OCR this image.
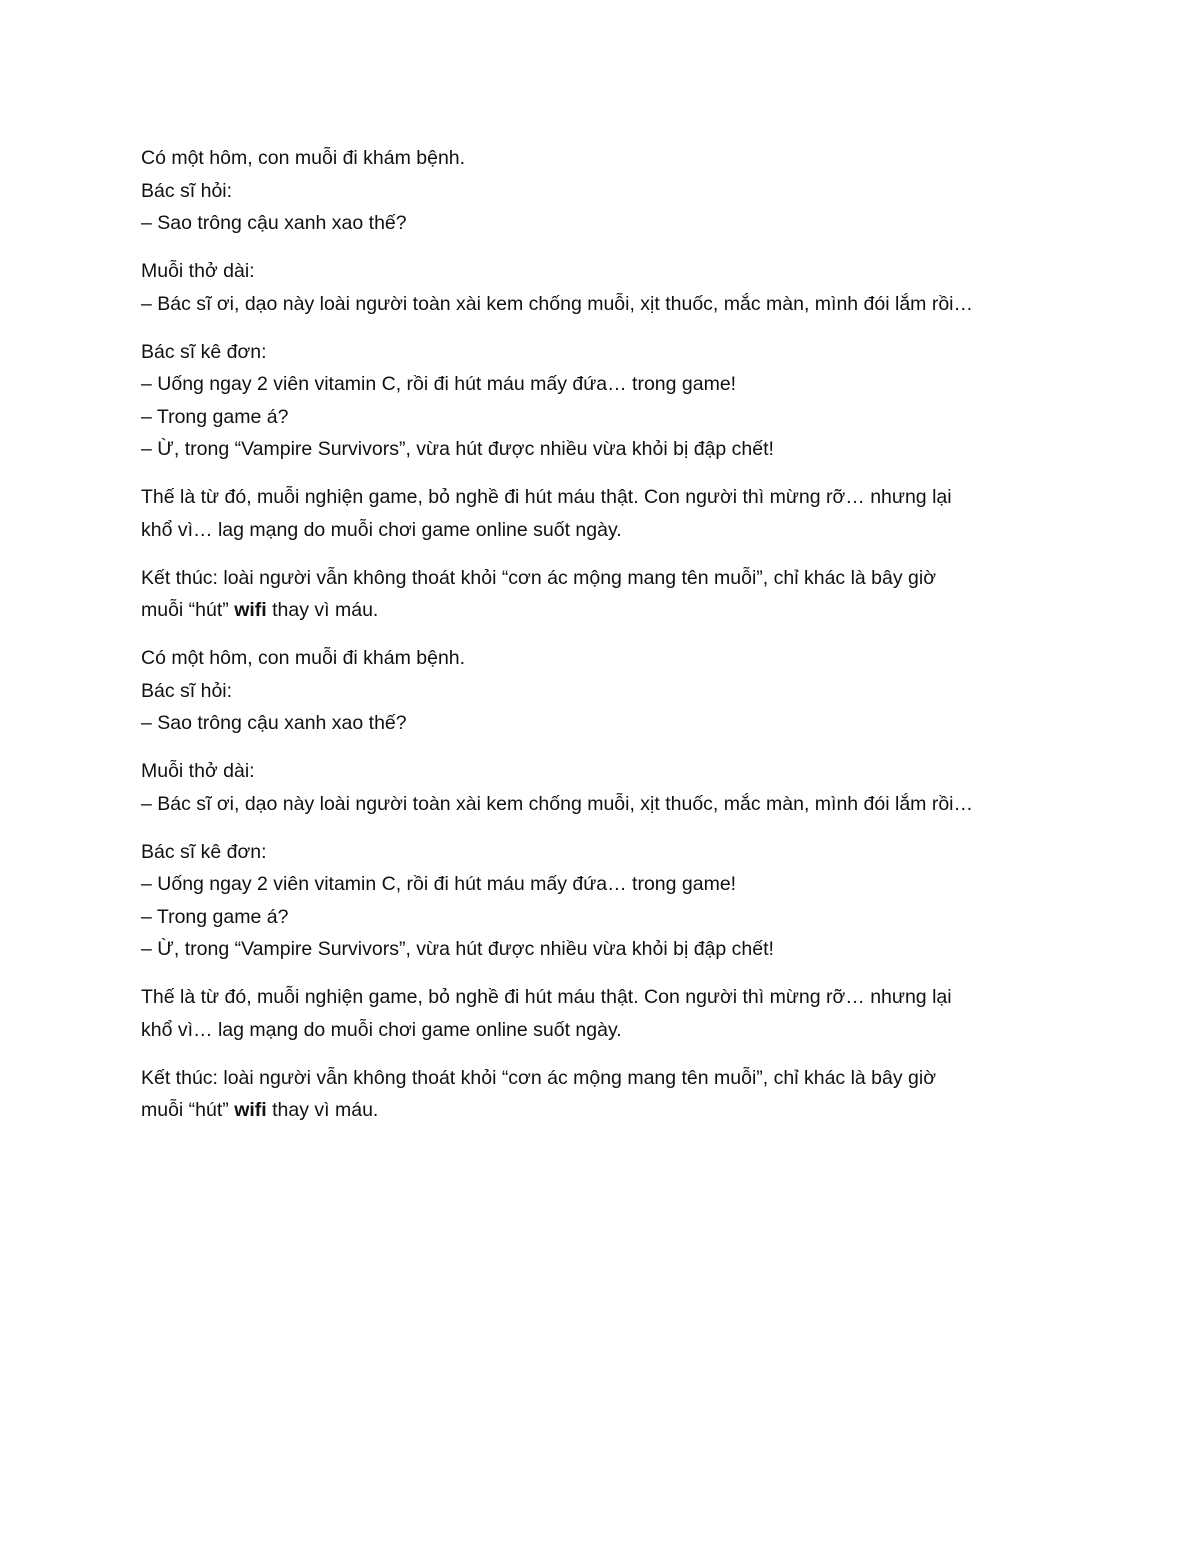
Có một hôm, con muỗi đi khám bệnh.
Bác sĩ hỏi:
– Sao trông cậu xanh xao thế?

Muỗi thở dài:
– Bác sĩ ơi, dạo này loài người toàn xài kem chống muỗi, xịt thuốc, mắc màn, mình đói lắm rồi…

Bác sĩ kê đơn:
– Uống ngay 2 viên vitamin C, rồi đi hút máu mấy đứa… trong game!
– Trong game á?
– Ừ, trong “Vampire Survivors”, vừa hút được nhiều vừa khỏi bị đập chết!

Thế là từ đó, muỗi nghiện game, bỏ nghề đi hút máu thật. Con người thì mừng rỡ… nhưng lại
khổ vì… lag mạng do muỗi chơi game online suốt ngày.

Kết thúc: loài người vẫn không thoát khỏi “cơn ác mộng mang tên muỗi”, chỉ khác là bây giờ
muỗi “hút” wifi thay vì máu.

Có một hôm, con muỗi đi khám bệnh.
Bác sĩ hỏi:
– Sao trông cậu xanh xao thế?

Muỗi thở dài:
– Bác sĩ ơi, dạo này loài người toàn xài kem chống muỗi, xịt thuốc, mắc màn, mình đói lắm rồi…

Bác sĩ kê đơn:
– Uống ngay 2 viên vitamin C, rồi đi hút máu mấy đứa… trong game!
– Trong game á?
– Ừ, trong “Vampire Survivors”, vừa hút được nhiều vừa khỏi bị đập chết!

Thế là từ đó, muỗi nghiện game, bỏ nghề đi hút máu thật. Con người thì mừng rỡ… nhưng lại
khổ vì… lag mạng do muỗi chơi game online suốt ngày.

Kết thúc: loài người vẫn không thoát khỏi “cơn ác mộng mang tên muỗi”, chỉ khác là bây giờ
muỗi “hút” wifi thay vì máu.
